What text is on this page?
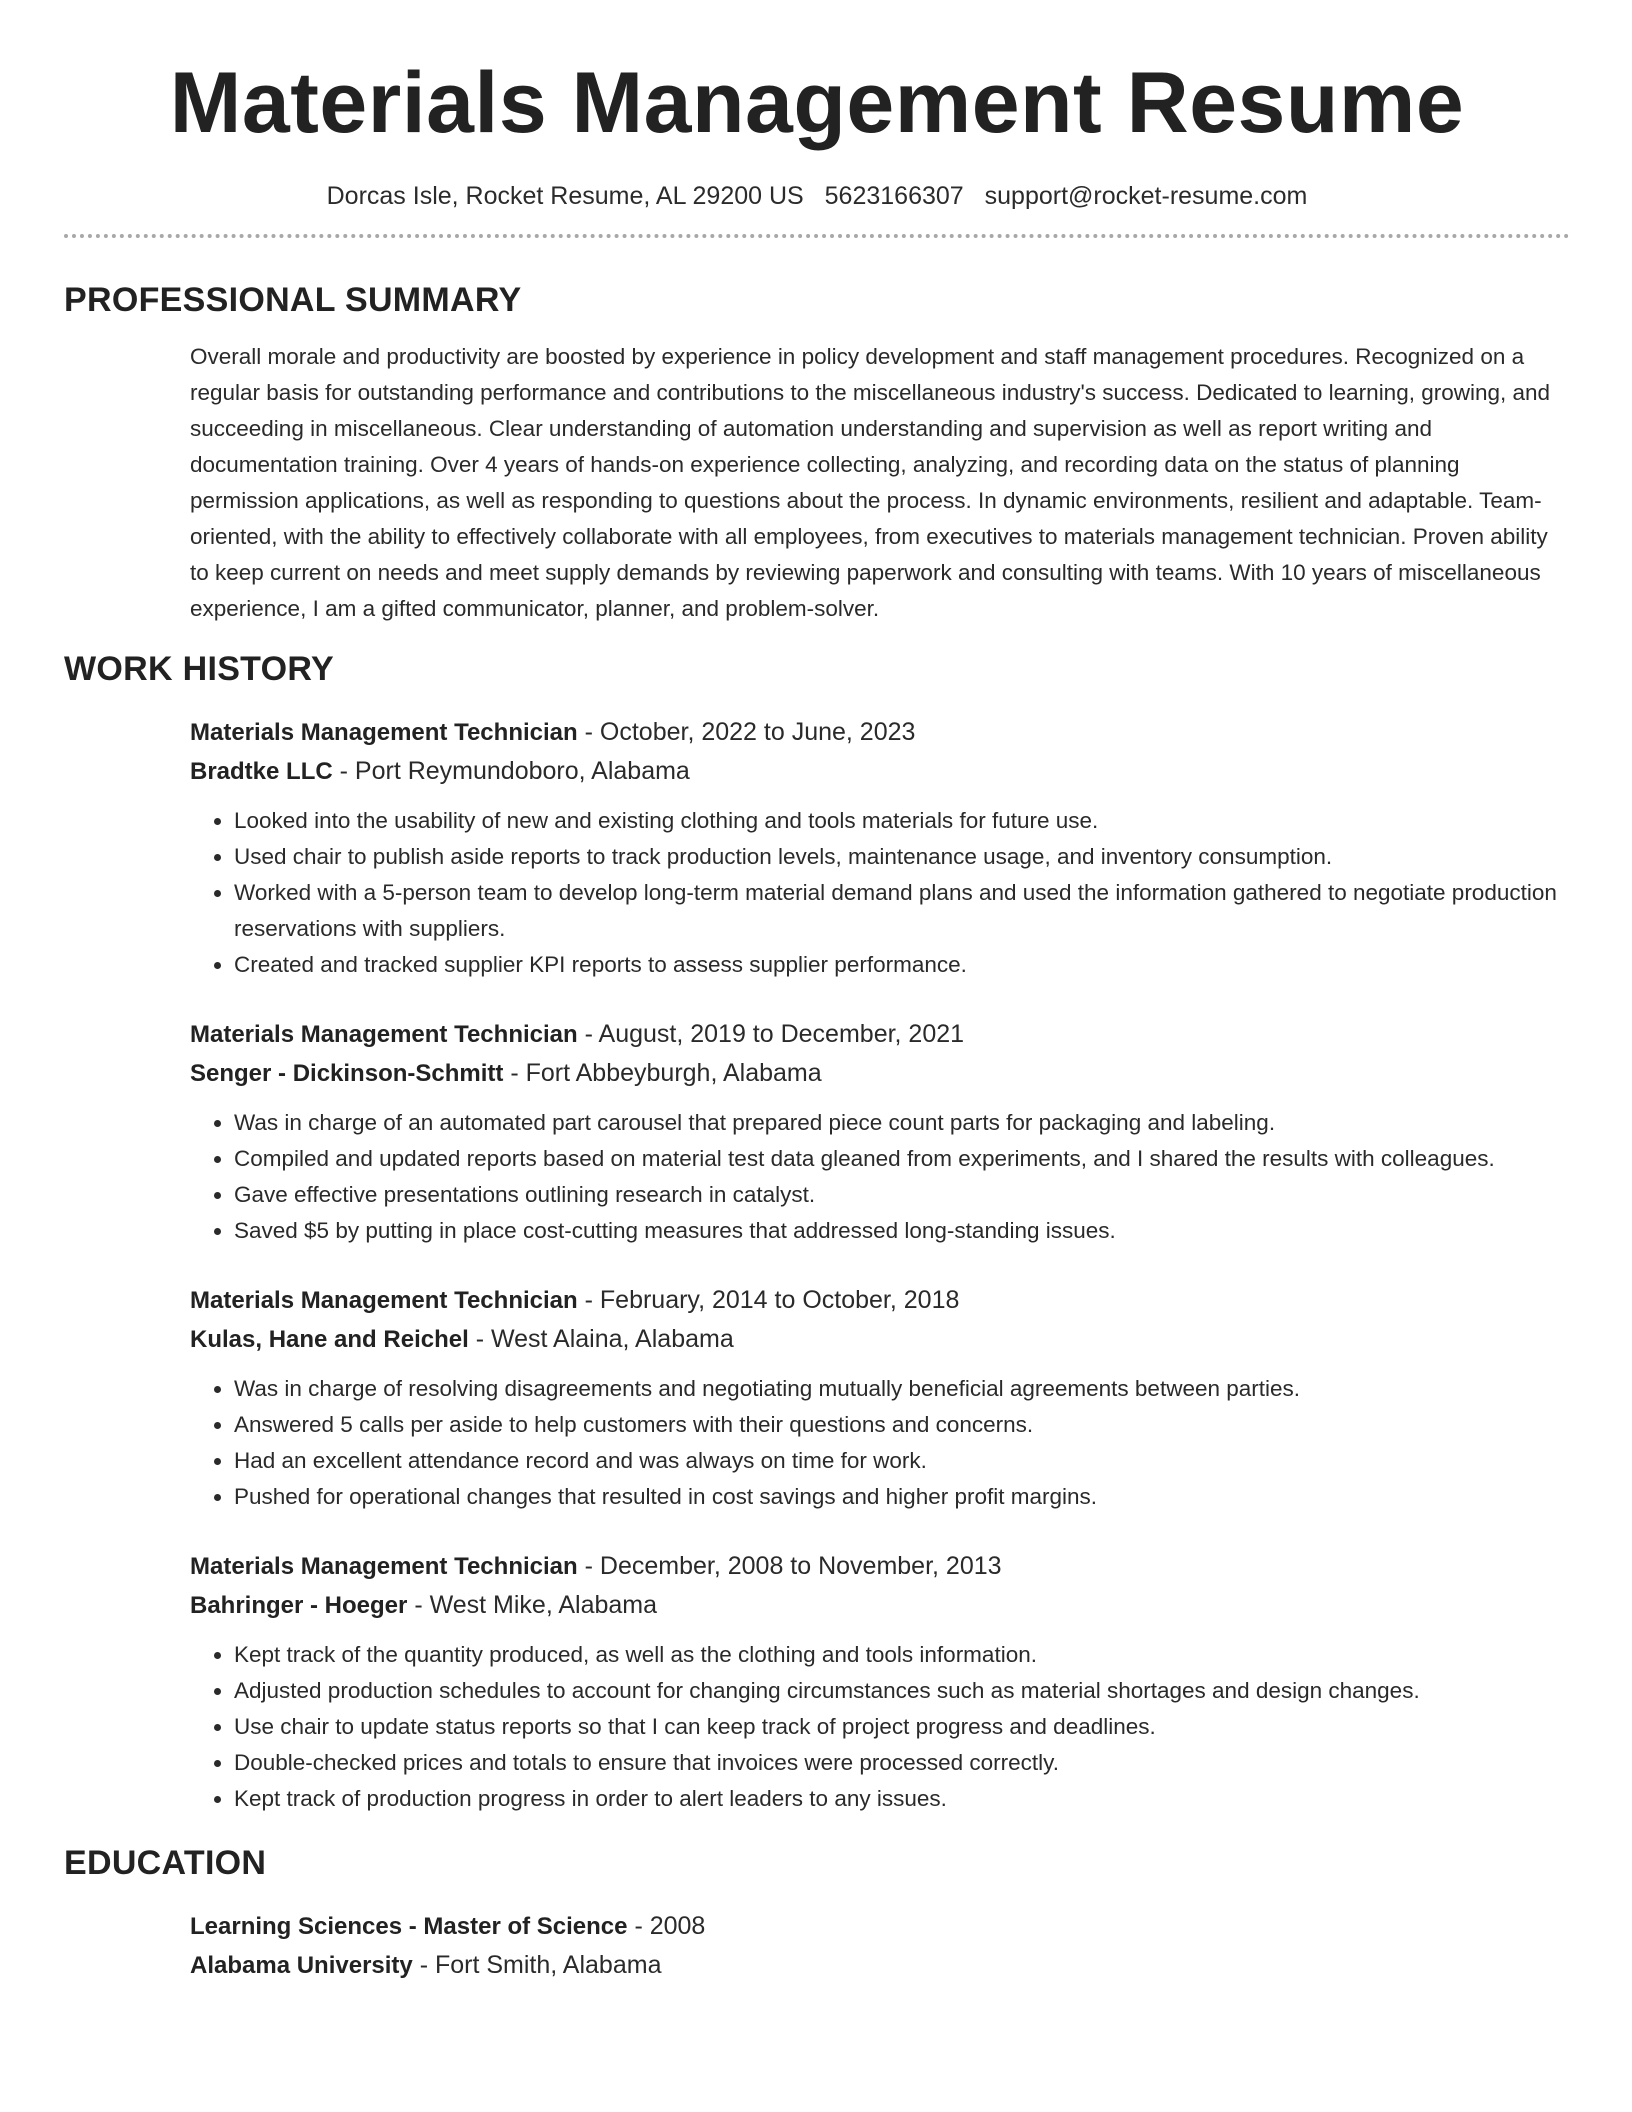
Materials Management Resume
Dorcas Isle, Rocket Resume, AL 29200 US 5623166307 support@rocket-resume.com
PROFESSIONAL SUMMARY
Overall morale and productivity are boosted by experience in policy development and staff management procedures. Recognized on a regular basis for outstanding performance and contributions to the miscellaneous industry's success. Dedicated to learning, growing, and succeeding in miscellaneous. Clear understanding of automation understanding and supervision as well as report writing and documentation training. Over 4 years of hands-on experience collecting, analyzing, and recording data on the status of planning permission applications, as well as responding to questions about the process. In dynamic environments, resilient and adaptable. Team-oriented, with the ability to effectively collaborate with all employees, from executives to materials management technician. Proven ability to keep current on needs and meet supply demands by reviewing paperwork and consulting with teams. With 10 years of miscellaneous experience, I am a gifted communicator, planner, and problem-solver.
WORK HISTORY
Materials Management Technician - October, 2022 to June, 2023
Bradtke LLC - Port Reymundoboro, Alabama
• Looked into the usability of new and existing clothing and tools materials for future use.
• Used chair to publish aside reports to track production levels, maintenance usage, and inventory consumption.
• Worked with a 5-person team to develop long-term material demand plans and used the information gathered to negotiate production reservations with suppliers.
• Created and tracked supplier KPI reports to assess supplier performance.
Materials Management Technician - August, 2019 to December, 2021
Senger - Dickinson-Schmitt - Fort Abbeyburgh, Alabama
• Was in charge of an automated part carousel that prepared piece count parts for packaging and labeling.
• Compiled and updated reports based on material test data gleaned from experiments, and I shared the results with colleagues.
• Gave effective presentations outlining research in catalyst.
• Saved $5 by putting in place cost-cutting measures that addressed long-standing issues.
Materials Management Technician - February, 2014 to October, 2018
Kulas, Hane and Reichel - West Alaina, Alabama
• Was in charge of resolving disagreements and negotiating mutually beneficial agreements between parties.
• Answered 5 calls per aside to help customers with their questions and concerns.
• Had an excellent attendance record and was always on time for work.
• Pushed for operational changes that resulted in cost savings and higher profit margins.
Materials Management Technician - December, 2008 to November, 2013
Bahringer - Hoeger - West Mike, Alabama
• Kept track of the quantity produced, as well as the clothing and tools information.
• Adjusted production schedules to account for changing circumstances such as material shortages and design changes.
• Use chair to update status reports so that I can keep track of project progress and deadlines.
• Double-checked prices and totals to ensure that invoices were processed correctly.
• Kept track of production progress in order to alert leaders to any issues.
EDUCATION
Learning Sciences - Master of Science - 2008
Alabama University - Fort Smith, Alabama
